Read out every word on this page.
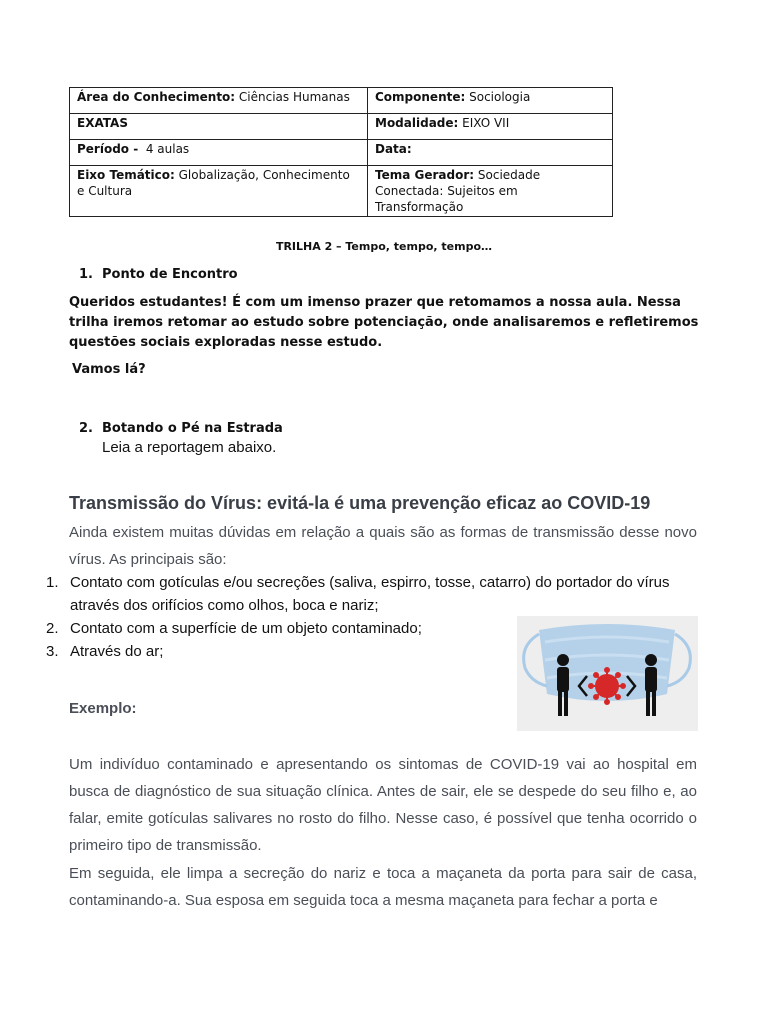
Área do Conhecimento: Ciências Humanas	Componente: Sociologia
EXATAS	Modalidade: EIXO VII
Período -  4 aulas	Data:
Eixo Temático: Globalização, Conhecimento e Cultura	Tema Gerador: Sociedade Conectada: Sujeitos em Transformação
TRILHA 2 – Tempo, tempo, tempo…
1. Ponto de Encontro
Queridos estudantes! É com um imenso prazer que retomamos a nossa aula. Nessa trilha iremos retomar ao estudo sobre potenciação, onde analisaremos e refletiremos questões sociais exploradas nesse estudo.
Vamos lá?
2. Botando o Pé na Estrada
Leia a reportagem abaixo.
Transmissão do Vírus: evitá-la é uma prevenção eficaz ao COVID-19
Ainda existem muitas dúvidas em relação a quais são as formas de transmissão desse novo vírus. As principais são:
1. Contato com gotículas e/ou secreções (saliva, espirro, tosse, catarro) do portador do vírus através dos orifícios como olhos, boca e nariz;
2. Contato com a superfície de um objeto contaminado;
3. Através do ar;
Exemplo:
Um indivíduo contaminado e apresentando os sintomas de COVID-19 vai ao hospital em busca de diagnóstico de sua situação clínica. Antes de sair, ele se despede do seu filho e, ao falar, emite gotículas salivares no rosto do filho. Nesse caso, é possível que tenha ocorrido o primeiro tipo de transmissão.
Em seguida, ele limpa a secreção do nariz e toca a maçaneta da porta para sair de casa, contaminando-a. Sua esposa em seguida toca a mesma maçaneta para fechar a porta e
